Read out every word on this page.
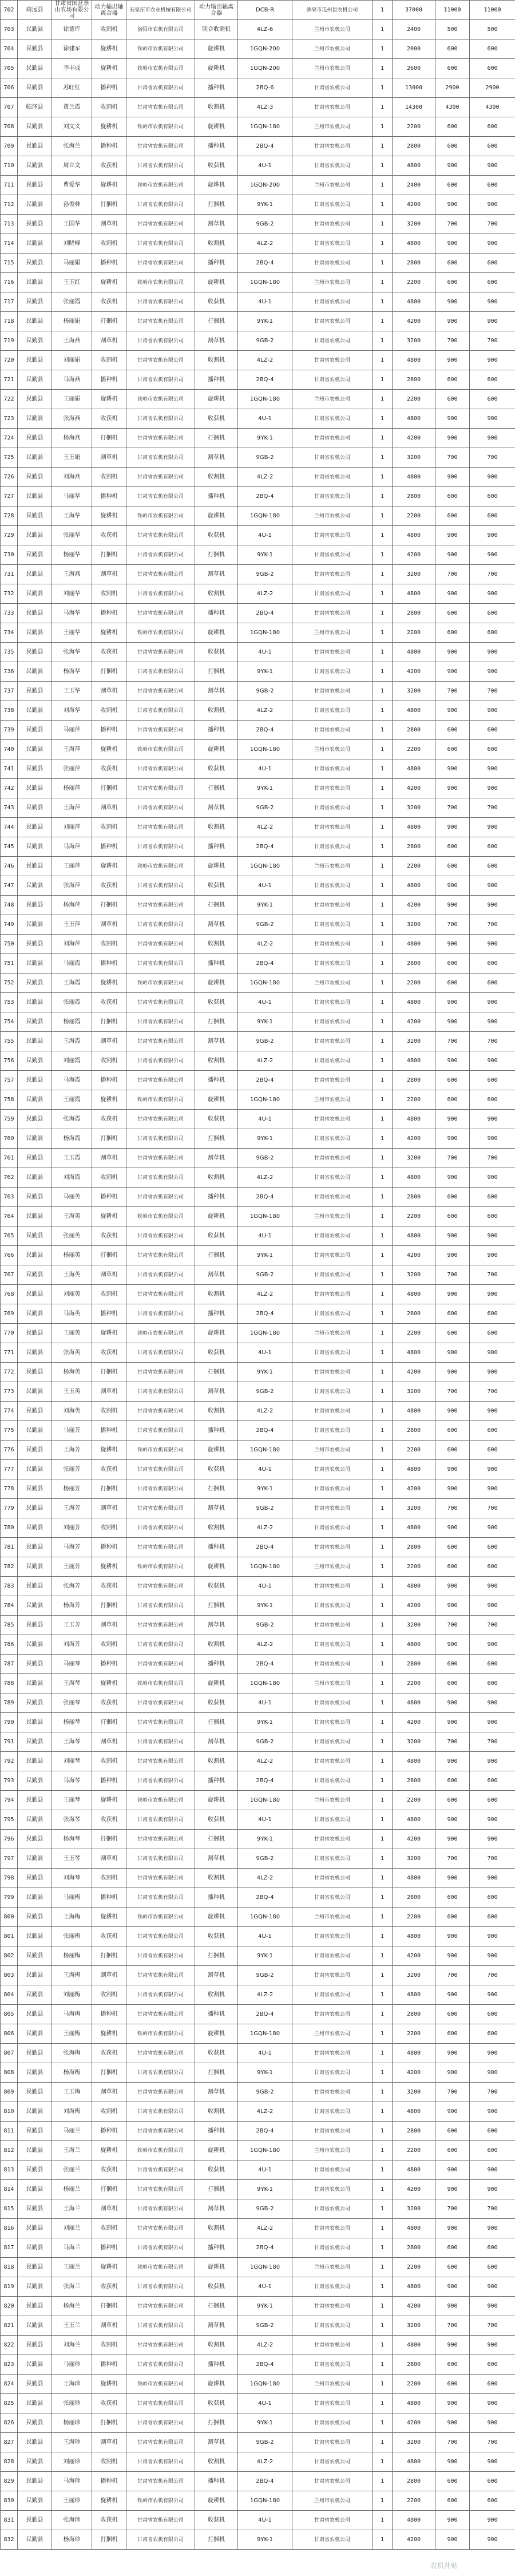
702	靖远县	甘肃省国营条山农场有限公司	动力输出轴离合器	石家庄市农业机械有限公司	动力输出轴离合器	DCB-R	酒泉市瓜州县农机公司	1	37000	11000	11000
703	民勤县	徐德库	收割机	洛阳市农机有限公司	联合收割机	4LZ-6	兰州市农机公司	1	2400	500	500
704	民勤县	徐建军	旋耕机	铁岭市农机有限公司	旋耕机	1GQN-200	兰州市农机公司	1	2000	600	600
705	民勤县	李丰成	旋耕机	铁岭市农机有限公司	旋耕机	1GQN-200	兰州市农机公司	1	2600	600	600
706	民勤县	苏旺红	播种机	甘肃省农机有限公司	播种机	2BQ-6	甘肃省农机公司	1	13000	2900	2900
707	临泽县	黄兰霞	收割机	甘肃省农机有限公司	收割机	4LZ-3	甘肃省农机公司	1	14300	4300	4300
708	民勤县	刘文义	旋耕机	铁岭市农机有限公司	旋耕机	1GQN-180	兰州市农机公司	1	2200	600	600
709	民勤县	张海兰	播种机	甘肃省农机有限公司	播种机	2BQ-4	甘肃省农机公司	1	2800	600	600
710	民勤县	周立文	收获机	甘肃省农机有限公司	收获机	4U-1	甘肃省农机公司	1	4800	900	900
711	民勤县	曹爱华	旋耕机	铁岭市农机有限公司	旋耕机	1GQN-200	兰州市农机公司	1	2400	600	600
712	民勤县	孙俊林	打捆机	甘肃省农机有限公司	打捆机	9YK-1	甘肃省农机公司	1	4200	900	900
713	民勤县	王国华	割草机	甘肃省农机有限公司	割草机	9GB-2	甘肃省农机公司	1	3200	700	700
714	民勤县	刘晓峰	收割机	甘肃省农机有限公司	收割机	4LZ-2	甘肃省农机公司	1	4800	900	900
715	民勤县	马丽娟	播种机	甘肃省农机有限公司	播种机	2BQ-4	甘肃省农机公司	1	2800	600	600
716	民勤县	王玉红	旋耕机	铁岭市农机有限公司	旋耕机	1GQN-180	兰州市农机公司	1	2200	600	600
717	民勤县	张丽霞	收获机	甘肃省农机有限公司	收获机	4U-1	甘肃省农机公司	1	4800	900	900
718	民勤县	杨丽娟	打捆机	甘肃省农机有限公司	打捆机	9YK-1	甘肃省农机公司	1	4200	900	900
719	民勤县	王海燕	割草机	甘肃省农机有限公司	割草机	9GB-2	甘肃省农机公司	1	3200	700	700
720	民勤县	刘丽娟	收割机	甘肃省农机有限公司	收割机	4LZ-2	甘肃省农机公司	1	4800	900	900
721	民勤县	马海燕	播种机	甘肃省农机有限公司	播种机	2BQ-4	甘肃省农机公司	1	2800	600	600
722	民勤县	王丽娟	旋耕机	铁岭市农机有限公司	旋耕机	1GQN-180	兰州市农机公司	1	2200	600	600
723	民勤县	张海燕	收获机	甘肃省农机有限公司	收获机	4U-1	甘肃省农机公司	1	4800	900	900
724	民勤县	杨海燕	打捆机	甘肃省农机有限公司	打捆机	9YK-1	甘肃省农机公司	1	4200	900	900
725	民勤县	王玉娟	割草机	甘肃省农机有限公司	割草机	9GB-2	甘肃省农机公司	1	3200	700	700
726	民勤县	刘海燕	收割机	甘肃省农机有限公司	收割机	4LZ-2	甘肃省农机公司	1	4800	900	900
727	民勤县	马丽华	播种机	甘肃省农机有限公司	播种机	2BQ-4	甘肃省农机公司	1	2800	600	600
728	民勤县	王海华	旋耕机	铁岭市农机有限公司	旋耕机	1GQN-180	兰州市农机公司	1	2200	600	600
729	民勤县	张丽华	收获机	甘肃省农机有限公司	收获机	4U-1	甘肃省农机公司	1	4800	900	900
730	民勤县	杨丽华	打捆机	甘肃省农机有限公司	打捆机	9YK-1	甘肃省农机公司	1	4200	900	900
731	民勤县	王海燕	割草机	甘肃省农机有限公司	割草机	9GB-2	甘肃省农机公司	1	3200	700	700
732	民勤县	刘丽华	收割机	甘肃省农机有限公司	收割机	4LZ-2	甘肃省农机公司	1	4800	900	900
733	民勤县	马海华	播种机	甘肃省农机有限公司	播种机	2BQ-4	甘肃省农机公司	1	2800	600	600
734	民勤县	王丽华	旋耕机	铁岭市农机有限公司	旋耕机	1GQN-180	兰州市农机公司	1	2200	600	600
735	民勤县	张海华	收获机	甘肃省农机有限公司	收获机	4U-1	甘肃省农机公司	1	4800	900	900
736	民勤县	杨海华	打捆机	甘肃省农机有限公司	打捆机	9YK-1	甘肃省农机公司	1	4200	900	900
737	民勤县	王玉华	割草机	甘肃省农机有限公司	割草机	9GB-2	甘肃省农机公司	1	3200	700	700
738	民勤县	刘海华	收割机	甘肃省农机有限公司	收割机	4LZ-2	甘肃省农机公司	1	4800	900	900
739	民勤县	马丽萍	播种机	甘肃省农机有限公司	播种机	2BQ-4	甘肃省农机公司	1	2800	600	600
740	民勤县	王海萍	旋耕机	铁岭市农机有限公司	旋耕机	1GQN-180	兰州市农机公司	1	2200	600	600
741	民勤县	张丽萍	收获机	甘肃省农机有限公司	收获机	4U-1	甘肃省农机公司	1	4800	900	900
742	民勤县	杨丽萍	打捆机	甘肃省农机有限公司	打捆机	9YK-1	甘肃省农机公司	1	4200	900	900
743	民勤县	王海萍	割草机	甘肃省农机有限公司	割草机	9GB-2	甘肃省农机公司	1	3200	700	700
744	民勤县	刘丽萍	收割机	甘肃省农机有限公司	收割机	4LZ-2	甘肃省农机公司	1	4800	900	900
745	民勤县	马海萍	播种机	甘肃省农机有限公司	播种机	2BQ-4	甘肃省农机公司	1	2800	600	600
746	民勤县	王丽萍	旋耕机	铁岭市农机有限公司	旋耕机	1GQN-180	兰州市农机公司	1	2200	600	600
747	民勤县	张海萍	收获机	甘肃省农机有限公司	收获机	4U-1	甘肃省农机公司	1	4800	900	900
748	民勤县	杨海萍	打捆机	甘肃省农机有限公司	打捆机	9YK-1	甘肃省农机公司	1	4200	900	900
749	民勤县	王玉萍	割草机	甘肃省农机有限公司	割草机	9GB-2	甘肃省农机公司	1	3200	700	700
750	民勤县	刘海萍	收割机	甘肃省农机有限公司	收割机	4LZ-2	甘肃省农机公司	1	4800	900	900
751	民勤县	马丽霞	播种机	甘肃省农机有限公司	播种机	2BQ-4	甘肃省农机公司	1	2800	600	600
752	民勤县	王海霞	旋耕机	铁岭市农机有限公司	旋耕机	1GQN-180	兰州市农机公司	1	2200	600	600
753	民勤县	张丽霞	收获机	甘肃省农机有限公司	收获机	4U-1	甘肃省农机公司	1	4800	900	900
754	民勤县	杨丽霞	打捆机	甘肃省农机有限公司	打捆机	9YK-1	甘肃省农机公司	1	4200	900	900
755	民勤县	王海霞	割草机	甘肃省农机有限公司	割草机	9GB-2	甘肃省农机公司	1	3200	700	700
756	民勤县	刘丽霞	收割机	甘肃省农机有限公司	收割机	4LZ-2	甘肃省农机公司	1	4800	900	900
757	民勤县	马海霞	播种机	甘肃省农机有限公司	播种机	2BQ-4	甘肃省农机公司	1	2800	600	600
758	民勤县	王丽霞	旋耕机	铁岭市农机有限公司	旋耕机	1GQN-180	兰州市农机公司	1	2200	600	600
759	民勤县	张海霞	收获机	甘肃省农机有限公司	收获机	4U-1	甘肃省农机公司	1	4800	900	900
760	民勤县	杨海霞	打捆机	甘肃省农机有限公司	打捆机	9YK-1	甘肃省农机公司	1	4200	900	900
761	民勤县	王玉霞	割草机	甘肃省农机有限公司	割草机	9GB-2	甘肃省农机公司	1	3200	700	700
762	民勤县	刘海霞	收割机	甘肃省农机有限公司	收割机	4LZ-2	甘肃省农机公司	1	4800	900	900
763	民勤县	马丽英	播种机	甘肃省农机有限公司	播种机	2BQ-4	甘肃省农机公司	1	2800	600	600
764	民勤县	王海英	旋耕机	铁岭市农机有限公司	旋耕机	1GQN-180	兰州市农机公司	1	2200	600	600
765	民勤县	张丽英	收获机	甘肃省农机有限公司	收获机	4U-1	甘肃省农机公司	1	4800	900	900
766	民勤县	杨丽英	打捆机	甘肃省农机有限公司	打捆机	9YK-1	甘肃省农机公司	1	4200	900	900
767	民勤县	王海英	割草机	甘肃省农机有限公司	割草机	9GB-2	甘肃省农机公司	1	3200	700	700
768	民勤县	刘丽英	收割机	甘肃省农机有限公司	收割机	4LZ-2	甘肃省农机公司	1	4800	900	900
769	民勤县	马海英	播种机	甘肃省农机有限公司	播种机	2BQ-4	甘肃省农机公司	1	2800	600	600
770	民勤县	王丽英	旋耕机	铁岭市农机有限公司	旋耕机	1GQN-180	兰州市农机公司	1	2200	600	600
771	民勤县	张海英	收获机	甘肃省农机有限公司	收获机	4U-1	甘肃省农机公司	1	4800	900	900
772	民勤县	杨海英	打捆机	甘肃省农机有限公司	打捆机	9YK-1	甘肃省农机公司	1	4200	900	900
773	民勤县	王玉英	割草机	甘肃省农机有限公司	割草机	9GB-2	甘肃省农机公司	1	3200	700	700
774	民勤县	刘海英	收割机	甘肃省农机有限公司	收割机	4LZ-2	甘肃省农机公司	1	4800	900	900
775	民勤县	马丽芳	播种机	甘肃省农机有限公司	播种机	2BQ-4	甘肃省农机公司	1	2800	600	600
776	民勤县	王海芳	旋耕机	铁岭市农机有限公司	旋耕机	1GQN-180	兰州市农机公司	1	2200	600	600
777	民勤县	张丽芳	收获机	甘肃省农机有限公司	收获机	4U-1	甘肃省农机公司	1	4800	900	900
778	民勤县	杨丽芳	打捆机	甘肃省农机有限公司	打捆机	9YK-1	甘肃省农机公司	1	4200	900	900
779	民勤县	王海芳	割草机	甘肃省农机有限公司	割草机	9GB-2	甘肃省农机公司	1	3200	700	700
780	民勤县	刘丽芳	收割机	甘肃省农机有限公司	收割机	4LZ-2	甘肃省农机公司	1	4800	900	900
781	民勤县	马海芳	播种机	甘肃省农机有限公司	播种机	2BQ-4	甘肃省农机公司	1	2800	600	600
782	民勤县	王丽芳	旋耕机	铁岭市农机有限公司	旋耕机	1GQN-180	兰州市农机公司	1	2200	600	600
783	民勤县	张海芳	收获机	甘肃省农机有限公司	收获机	4U-1	甘肃省农机公司	1	4800	900	900
784	民勤县	杨海芳	打捆机	甘肃省农机有限公司	打捆机	9YK-1	甘肃省农机公司	1	4200	900	900
785	民勤县	王玉芳	割草机	甘肃省农机有限公司	割草机	9GB-2	甘肃省农机公司	1	3200	700	700
786	民勤县	刘海芳	收割机	甘肃省农机有限公司	收割机	4LZ-2	甘肃省农机公司	1	4800	900	900
787	民勤县	马丽琴	播种机	甘肃省农机有限公司	播种机	2BQ-4	甘肃省农机公司	1	2800	600	600
788	民勤县	王海琴	旋耕机	铁岭市农机有限公司	旋耕机	1GQN-180	兰州市农机公司	1	2200	600	600
789	民勤县	张丽琴	收获机	甘肃省农机有限公司	收获机	4U-1	甘肃省农机公司	1	4800	900	900
790	民勤县	杨丽琴	打捆机	甘肃省农机有限公司	打捆机	9YK-1	甘肃省农机公司	1	4200	900	900
791	民勤县	王海琴	割草机	甘肃省农机有限公司	割草机	9GB-2	甘肃省农机公司	1	3200	700	700
792	民勤县	刘丽琴	收割机	甘肃省农机有限公司	收割机	4LZ-2	甘肃省农机公司	1	4800	900	900
793	民勤县	马海琴	播种机	甘肃省农机有限公司	播种机	2BQ-4	甘肃省农机公司	1	2800	600	600
794	民勤县	王丽琴	旋耕机	铁岭市农机有限公司	旋耕机	1GQN-180	兰州市农机公司	1	2200	600	600
795	民勤县	张海琴	收获机	甘肃省农机有限公司	收获机	4U-1	甘肃省农机公司	1	4800	900	900
796	民勤县	杨海琴	打捆机	甘肃省农机有限公司	打捆机	9YK-1	甘肃省农机公司	1	4200	900	900
797	民勤县	王玉琴	割草机	甘肃省农机有限公司	割草机	9GB-2	甘肃省农机公司	1	3200	700	700
798	民勤县	刘海琴	收割机	甘肃省农机有限公司	收割机	4LZ-2	甘肃省农机公司	1	4800	900	900
799	民勤县	马丽梅	播种机	甘肃省农机有限公司	播种机	2BQ-4	甘肃省农机公司	1	2800	600	600
800	民勤县	王海梅	旋耕机	铁岭市农机有限公司	旋耕机	1GQN-180	兰州市农机公司	1	2200	600	600
801	民勤县	张丽梅	收获机	甘肃省农机有限公司	收获机	4U-1	甘肃省农机公司	1	4800	900	900
802	民勤县	杨丽梅	打捆机	甘肃省农机有限公司	打捆机	9YK-1	甘肃省农机公司	1	4200	900	900
803	民勤县	王海梅	割草机	甘肃省农机有限公司	割草机	9GB-2	甘肃省农机公司	1	3200	700	700
804	民勤县	刘丽梅	收割机	甘肃省农机有限公司	收割机	4LZ-2	甘肃省农机公司	1	4800	900	900
805	民勤县	马海梅	播种机	甘肃省农机有限公司	播种机	2BQ-4	甘肃省农机公司	1	2800	600	600
806	民勤县	王丽梅	旋耕机	铁岭市农机有限公司	旋耕机	1GQN-180	兰州市农机公司	1	2200	600	600
807	民勤县	张海梅	收获机	甘肃省农机有限公司	收获机	4U-1	甘肃省农机公司	1	4800	900	900
808	民勤县	杨海梅	打捆机	甘肃省农机有限公司	打捆机	9YK-1	甘肃省农机公司	1	4200	900	900
809	民勤县	王玉梅	割草机	甘肃省农机有限公司	割草机	9GB-2	甘肃省农机公司	1	3200	700	700
810	民勤县	刘海梅	收割机	甘肃省农机有限公司	收割机	4LZ-2	甘肃省农机公司	1	4800	900	900
811	民勤县	马丽兰	播种机	甘肃省农机有限公司	播种机	2BQ-4	甘肃省农机公司	1	2800	600	600
812	民勤县	王海兰	旋耕机	铁岭市农机有限公司	旋耕机	1GQN-180	兰州市农机公司	1	2200	600	600
813	民勤县	张丽兰	收获机	甘肃省农机有限公司	收获机	4U-1	甘肃省农机公司	1	4800	900	900
814	民勤县	杨丽兰	打捆机	甘肃省农机有限公司	打捆机	9YK-1	甘肃省农机公司	1	4200	900	900
815	民勤县	王海兰	割草机	甘肃省农机有限公司	割草机	9GB-2	甘肃省农机公司	1	3200	700	700
816	民勤县	刘丽兰	收割机	甘肃省农机有限公司	收割机	4LZ-2	甘肃省农机公司	1	4800	900	900
817	民勤县	马海兰	播种机	甘肃省农机有限公司	播种机	2BQ-4	甘肃省农机公司	1	2800	600	600
818	民勤县	王丽兰	旋耕机	铁岭市农机有限公司	旋耕机	1GQN-180	兰州市农机公司	1	2200	600	600
819	民勤县	张海兰	收获机	甘肃省农机有限公司	收获机	4U-1	甘肃省农机公司	1	4800	900	900
820	民勤县	杨海兰	打捆机	甘肃省农机有限公司	打捆机	9YK-1	甘肃省农机公司	1	4200	900	900
821	民勤县	王玉兰	割草机	甘肃省农机有限公司	割草机	9GB-2	甘肃省农机公司	1	3200	700	700
822	民勤县	刘海兰	收割机	甘肃省农机有限公司	收割机	4LZ-2	甘肃省农机公司	1	4800	900	900
823	民勤县	马丽珍	播种机	甘肃省农机有限公司	播种机	2BQ-4	甘肃省农机公司	1	2800	600	600
824	民勤县	王海珍	旋耕机	铁岭市农机有限公司	旋耕机	1GQN-180	兰州市农机公司	1	2200	600	600
825	民勤县	张丽珍	收获机	甘肃省农机有限公司	收获机	4U-1	甘肃省农机公司	1	4800	900	900
826	民勤县	杨丽珍	打捆机	甘肃省农机有限公司	打捆机	9YK-1	甘肃省农机公司	1	4200	900	900
827	民勤县	王海珍	割草机	甘肃省农机有限公司	割草机	9GB-2	甘肃省农机公司	1	3200	700	700
828	民勤县	刘丽珍	收割机	甘肃省农机有限公司	收割机	4LZ-2	甘肃省农机公司	1	4800	900	900
829	民勤县	马海珍	播种机	甘肃省农机有限公司	播种机	2BQ-4	甘肃省农机公司	1	2800	600	600
830	民勤县	王丽珍	旋耕机	铁岭市农机有限公司	旋耕机	1GQN-180	兰州市农机公司	1	2200	600	600
831	民勤县	张海珍	收获机	甘肃省农机有限公司	收获机	4U-1	甘肃省农机公司	1	4800	900	900
832	民勤县	杨海珍	打捆机	甘肃省农机有限公司	打捆机	9YK-1	甘肃省农机公司	1	4200	900	900
农机补贴
